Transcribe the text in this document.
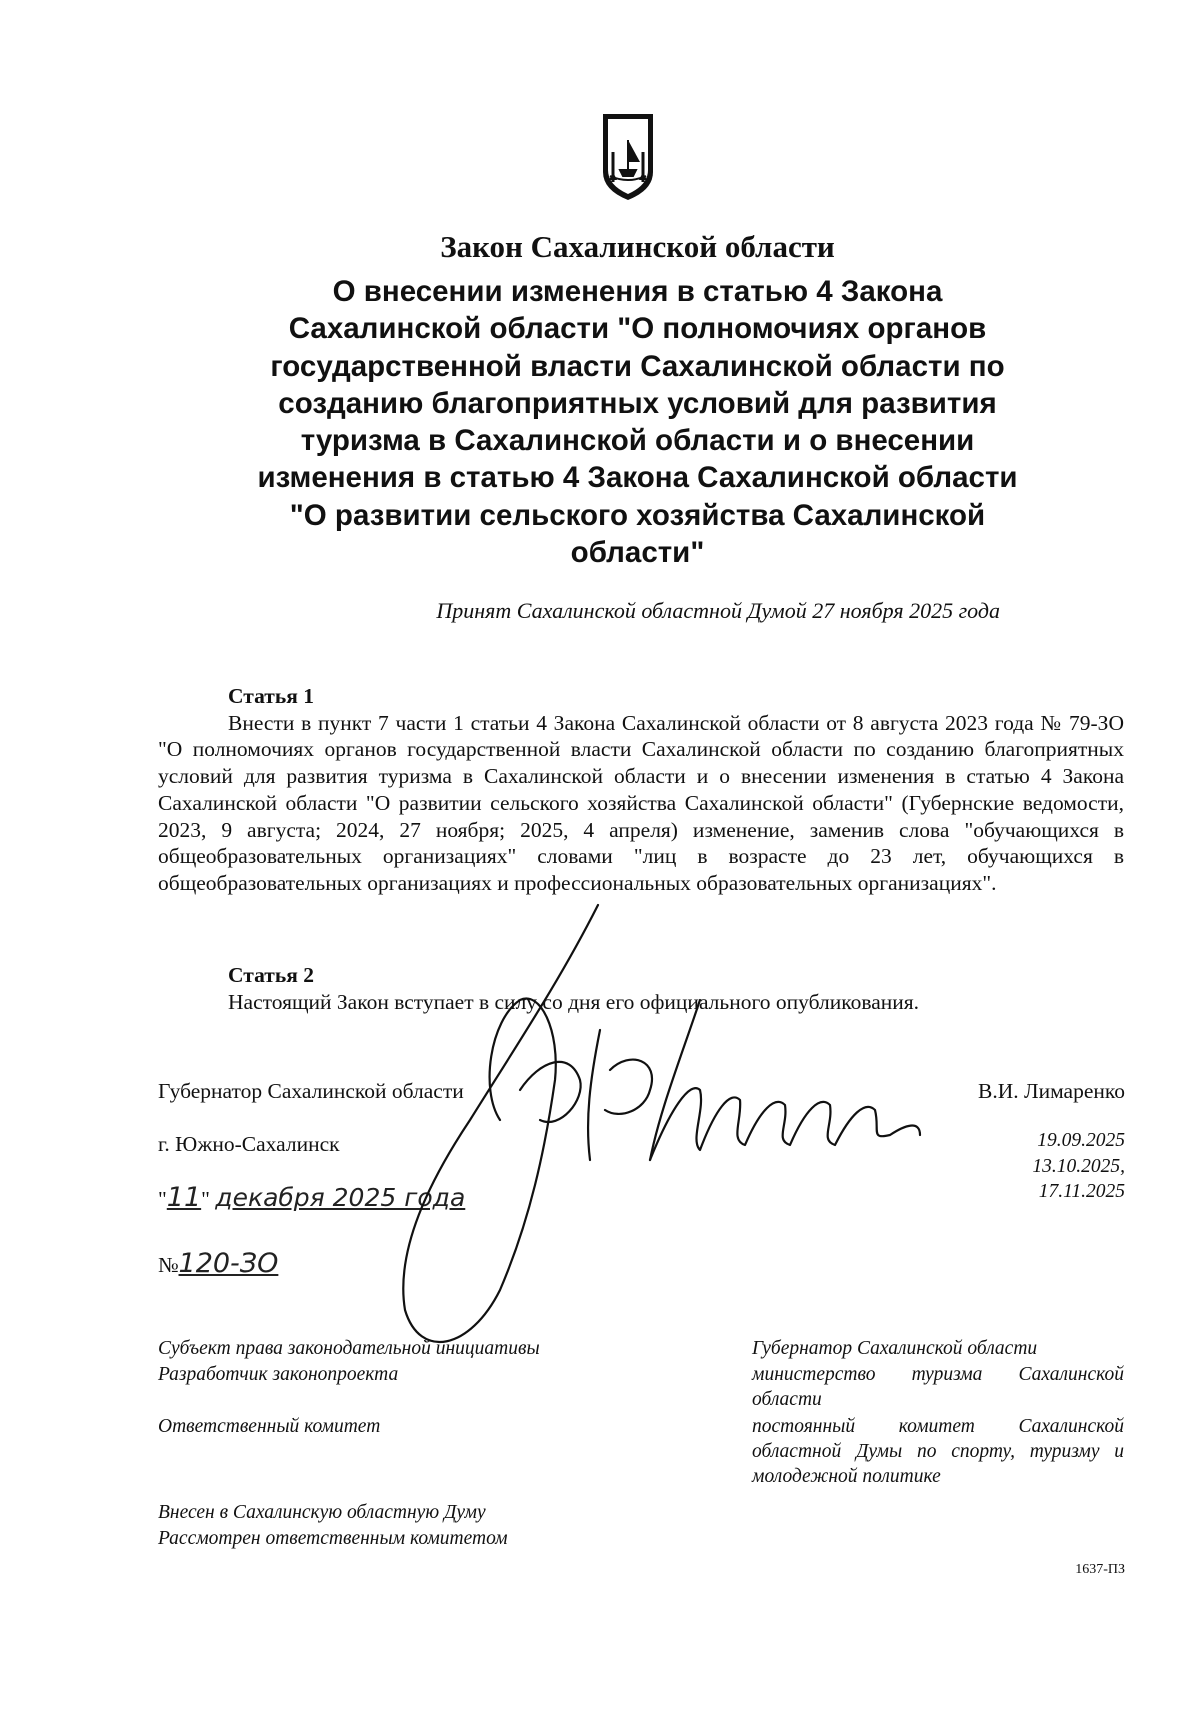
Закон Сахалинской области
О внесении изменения в статью 4 Закона
Сахалинской области "О полномочиях органов
государственной власти Сахалинской области по
созданию благоприятных условий для развития
туризма в Сахалинской области и о внесении
изменения в статью 4 Закона Сахалинской области
"О развитии сельского хозяйства Сахалинской
области"
Принят Сахалинской областной Думой 27 ноября 2025 года
Статья 1
Внести в пункт 7 части 1 статьи 4 Закона Сахалинской области от 8 августа 2023 года № 79-ЗО "О полномочиях органов государственной власти Сахалинской области по созданию благоприятных условий для развития туризма в Сахалинской области и о внесении изменения в статью 4 Закона Сахалинской области "О развитии сельского хозяйства Сахалинской области" (Губернские ведомости, 2023, 9 августа; 2024, 27 ноября; 2025, 4 апреля) изменение, заменив слова "обучающихся в общеобразовательных организациях" словами "лиц в возрасте до 23 лет, обучающихся в общеобразовательных организациях и профессиональных образовательных организациях".
Статья 2
Настоящий Закон вступает в силу со дня его официального опубликования.
Губернатор Сахалинской области	В.И. Лимаренко
г. Южно-Сахалинск
"11" декабря 2025 года
№120-ЗО
Субъект права законодательной инициативы
Разработчик законопроекта
Ответственный комитет
Внесен в Сахалинскую областную Думу
Рассмотрен ответственным комитетом
Губернатор Сахалинской области
министерство туризма Сахалинской области
постоянный комитет Сахалинской областной Думы по спорту, туризму и молодежной политике
19.09.2025
13.10.2025,
17.11.2025
1637-ПЗ
